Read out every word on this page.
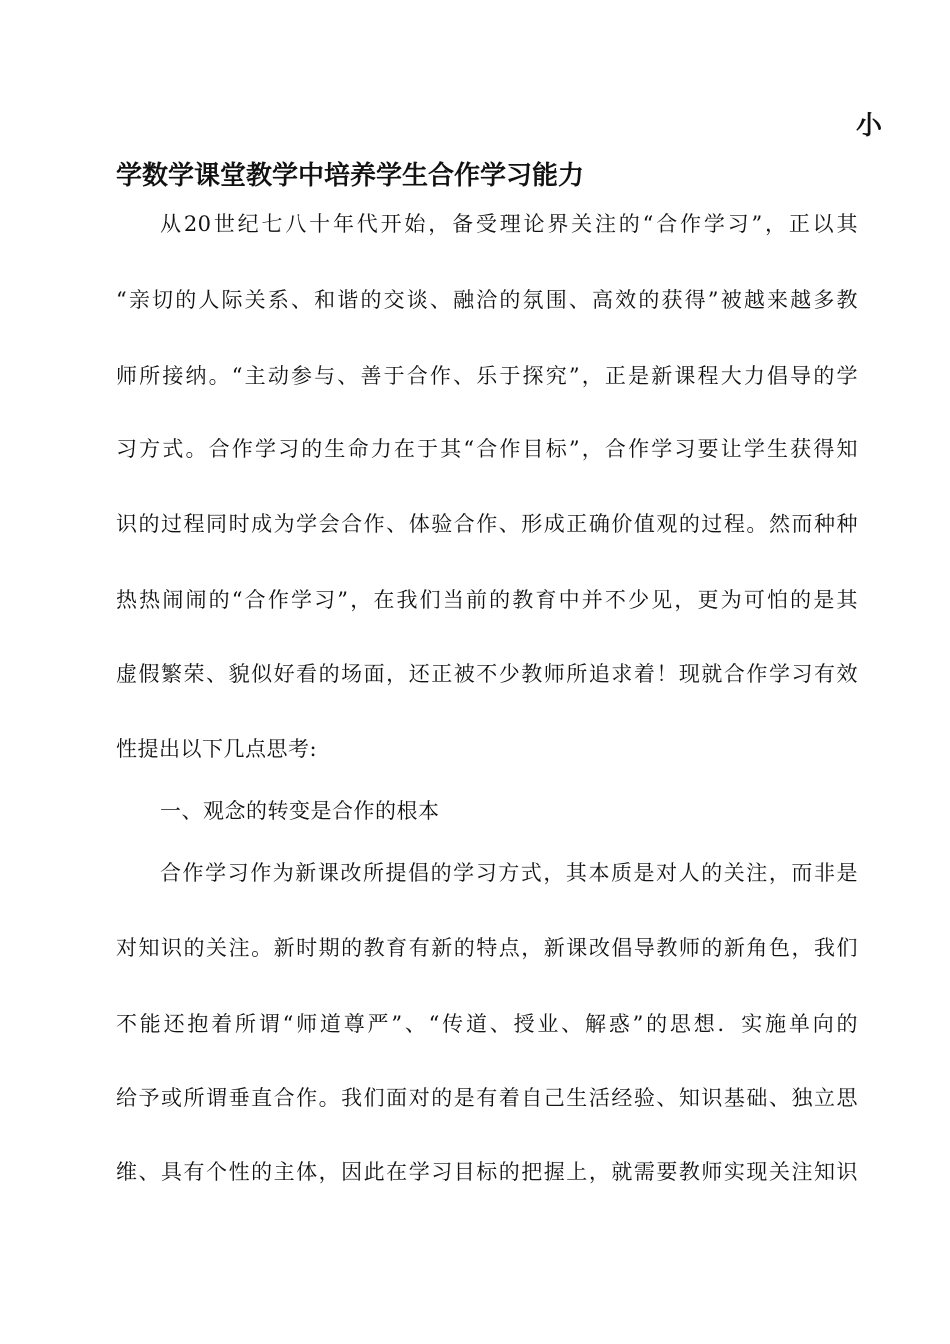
小
学数学课堂教学中培养学生合作学习能力
从20世纪七八十年代开始，备受理论界关注的“合作学习”，正以其
“亲切的人际关系、和谐的交谈、融洽的氛围、高效的获得”被越来越多教
师所接纳。“主动参与、善于合作、乐于探究”，正是新课程大力倡导的学
习方式。合作学习的生命力在于其“合作目标”，合作学习要让学生获得知
识的过程同时成为学会合作、体验合作、形成正确价值观的过程。然而种种
热热闹闹的“合作学习”，在我们当前的教育中并不少见，更为可怕的是其
虚假繁荣、貌似好看的场面，还正被不少教师所追求着！现就合作学习有效
性提出以下几点思考:
一、观念的转变是合作的根本
合作学习作为新课改所提倡的学习方式，其本质是对人的关注，而非是
对知识的关注。新时期的教育有新的特点，新课改倡导教师的新角色，我们
不能还抱着所谓“师道尊严”、“传道、授业、解惑”的思想．实施单向的
给予或所谓垂直合作。我们面对的是有着自己生活经验、知识基础、独立思
维、具有个性的主体，因此在学习目标的把握上，就需要教师实现关注知识
